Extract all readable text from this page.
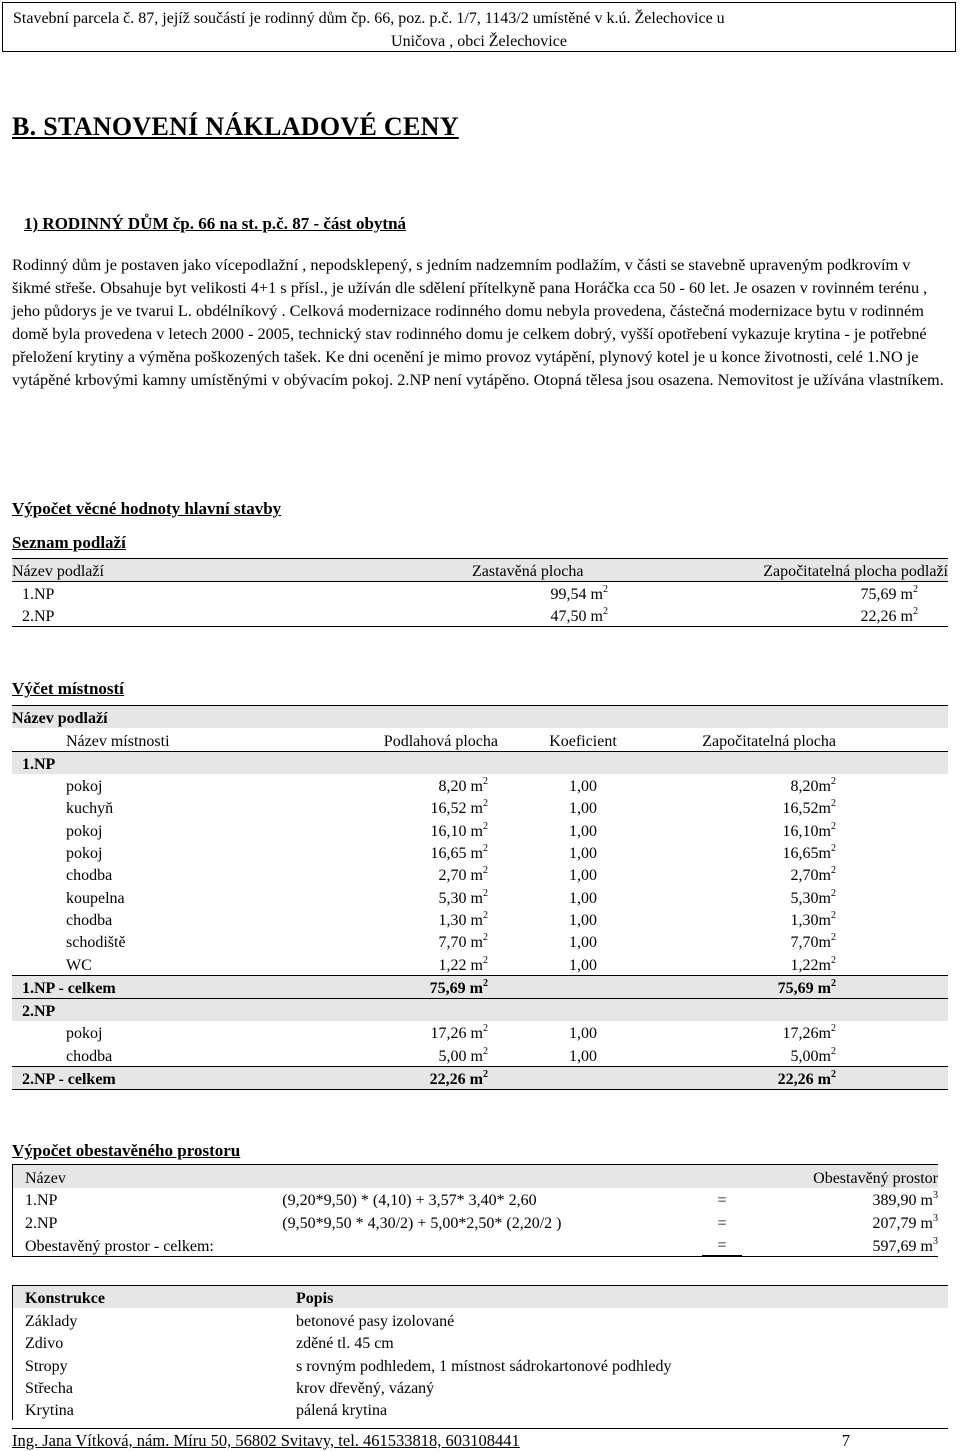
Stavební parcela č. 87, jejíž součástí je rodinný dům čp. 66, poz. p.č. 1/7, 1143/2 umístěné v k.ú. Želechovice u
Uničova , obci Želechovice
B. STANOVENÍ NÁKLADOVÉ CENY
1) RODINNÝ DŮM čp. 66 na st. p.č. 87 - část obytná
Rodinný dům je postaven jako vícepodlažní , nepodsklepený, s jedním nadzemním podlažím, v části se stavebně upraveným podkrovím v šikmé střeše. Obsahuje byt velikosti 4+1 s přísl., je užíván dle sdělení přítelkyně pana Horáčka cca 50 - 60 let. Je osazen v rovinném terénu , jeho půdorys je ve tvarui L. obdélníkový . Celková modernizace rodinného domu nebyla provedena, částečná modernizace bytu v rodinném domě byla provedena v letech 2000 - 2005, technický stav rodinného domu je celkem dobrý, vyšší opotřebení vykazuje krytina - je potřebné přeložení krytiny a výměna poškozených tašek. Ke dni ocenění je mimo provoz vytápění, plynový kotel je u konce životnosti, celé 1.NO je vytápěné krbovými kamny umístěnými v obývacím pokoj. 2.NP není vytápěno. Otopná tělesa jsou osazena. Nemovitost je užívána vlastníkem.
Výpočet věcné hodnoty hlavní stavby
Seznam podlaží
Název podlaží	Zastavěná plocha	Započitatelná plocha podlaží
1.NP	99,54 $m^2$	75,69 $m^2$
2.NP	47,50 $m^2$	22,26 $m^2$
Výčet místností
Název podlaží					
	Název místnosti	Podlahová plocha	Koeficient	Započitatelná plocha	
1.NP					
	pokoj	8,20 $m^2$	1,00	$8,20m^2$	
	kuchyň	16,52 $m^2$	1,00	$16,52m^2$	
	pokoj	16,10 $m^2$	1,00	$16,10m^2$	
	pokoj	16,65 $m^2$	1,00	$16,65m^2$	
	chodba	2,70 $m^2$	1,00	$2,70m^2$	
	koupelna	5,30 $m^2$	1,00	$5,30m^2$	
	chodba	1,30 $m^2$	1,00	$1,30m^2$	
	schodiště	7,70 $m^2$	1,00	$7,70m^2$	
	WC	1,22 $m^2$	1,00	$1,22m^2$	
1.NP - celkem		75,69 $m^2$		75,69 $m^2$	
2.NP					
	pokoj	17,26 $m^2$	1,00	$17,26m^2$	
	chodba	5,00 $m^2$	1,00	$5,00m^2$	
2.NP - celkem		22,26 $m^2$		22,26 $m^2$	
Výpočet obestavěného prostoru
Název			Obestavěný prostor
1.NP	(9,20*9,50) * (4,10) + 3,57* 3,40* 2,60	=	389,90 $m^3$
2.NP	(9,50*9,50 * 4,30/2) + 5,00*2,50* (2,20/2 )	=	207,79 $m^3$
Obestavěný prostor - celkem:		=	597,69 $m^3$
Konstrukce	Popis
Základy	betonové pasy izolované
Zdivo	zděné tl. 45 cm
Stropy	s rovným podhledem, 1 místnost sádrokartonové podhledy
Střecha	krov dřevěný, vázaný
Krytina	pálená krytina
Ing. Jana Vítková, nám. Míru 50, 56802 Svitavy, tel. 461533818, 603108441	7
